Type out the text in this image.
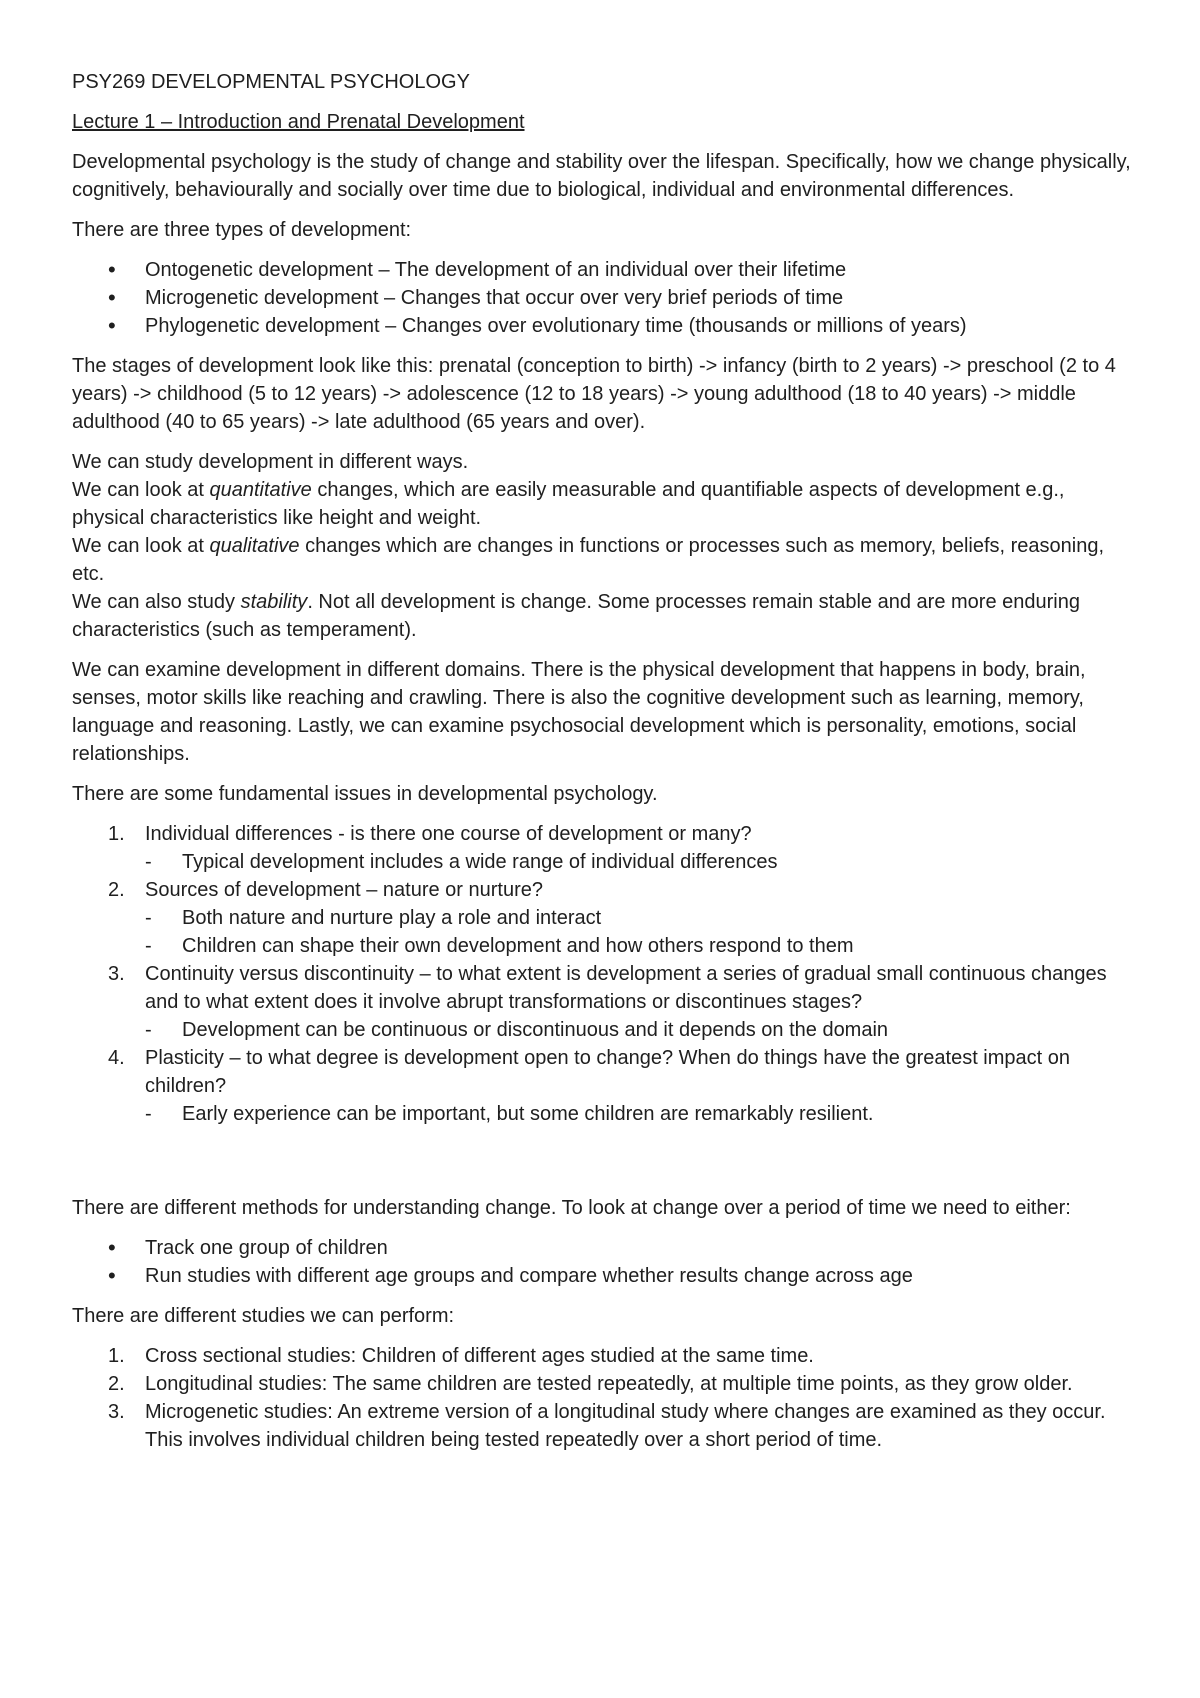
PSY269 DEVELOPMENTAL PSYCHOLOGY

Lecture 1 – Introduction and Prenatal Development

Developmental psychology is the study of change and stability over the lifespan. Specifically, how we change physically, cognitively, behaviourally and socially over time due to biological, individual and environmental differences.

There are three types of development:

• Ontogenetic development – The development of an individual over their lifetime
• Microgenetic development – Changes that occur over very brief periods of time
• Phylogenetic development – Changes over evolutionary time (thousands or millions of years)

The stages of development look like this: prenatal (conception to birth) -> infancy (birth to 2 years) -> preschool (2 to 4 years) -> childhood (5 to 12 years) -> adolescence (12 to 18 years) -> young adulthood (18 to 40 years) -> middle adulthood (40 to 65 years) -> late adulthood (65 years and over).

We can study development in different ways.

We can look at quantitative changes, which are easily measurable and quantifiable aspects of development e.g., physical characteristics like height and weight.

We can look at qualitative changes which are changes in functions or processes such as memory, beliefs, reasoning, etc.

We can also study stability. Not all development is change. Some processes remain stable and are more enduring characteristics (such as temperament).

We can examine development in different domains. There is the physical development that happens in body, brain, senses, motor skills like reaching and crawling. There is also the cognitive development such as learning, memory, language and reasoning. Lastly, we can examine psychosocial development which is personality, emotions, social relationships.

There are some fundamental issues in developmental psychology.

1. Individual differences - is there one course of development or many?
- Typical development includes a wide range of individual differences
2. Sources of development – nature or nurture?
- Both nature and nurture play a role and interact
- Children can shape their own development and how others respond to them
3. Continuity versus discontinuity – to what extent is development a series of gradual small continuous changes and to what extent does it involve abrupt transformations or discontinues stages?
- Development can be continuous or discontinuous and it depends on the domain
4. Plasticity – to what degree is development open to change? When do things have the greatest impact on children?
- Early experience can be important, but some children are remarkably resilient.

There are different methods for understanding change. To look at change over a period of time we need to either:

• Track one group of children
• Run studies with different age groups and compare whether results change across age

There are different studies we can perform:

1. Cross sectional studies: Children of different ages studied at the same time.
2. Longitudinal studies: The same children are tested repeatedly, at multiple time points, as they grow older.
3. Microgenetic studies: An extreme version of a longitudinal study where changes are examined as they occur. This involves individual children being tested repeatedly over a short period of time.
